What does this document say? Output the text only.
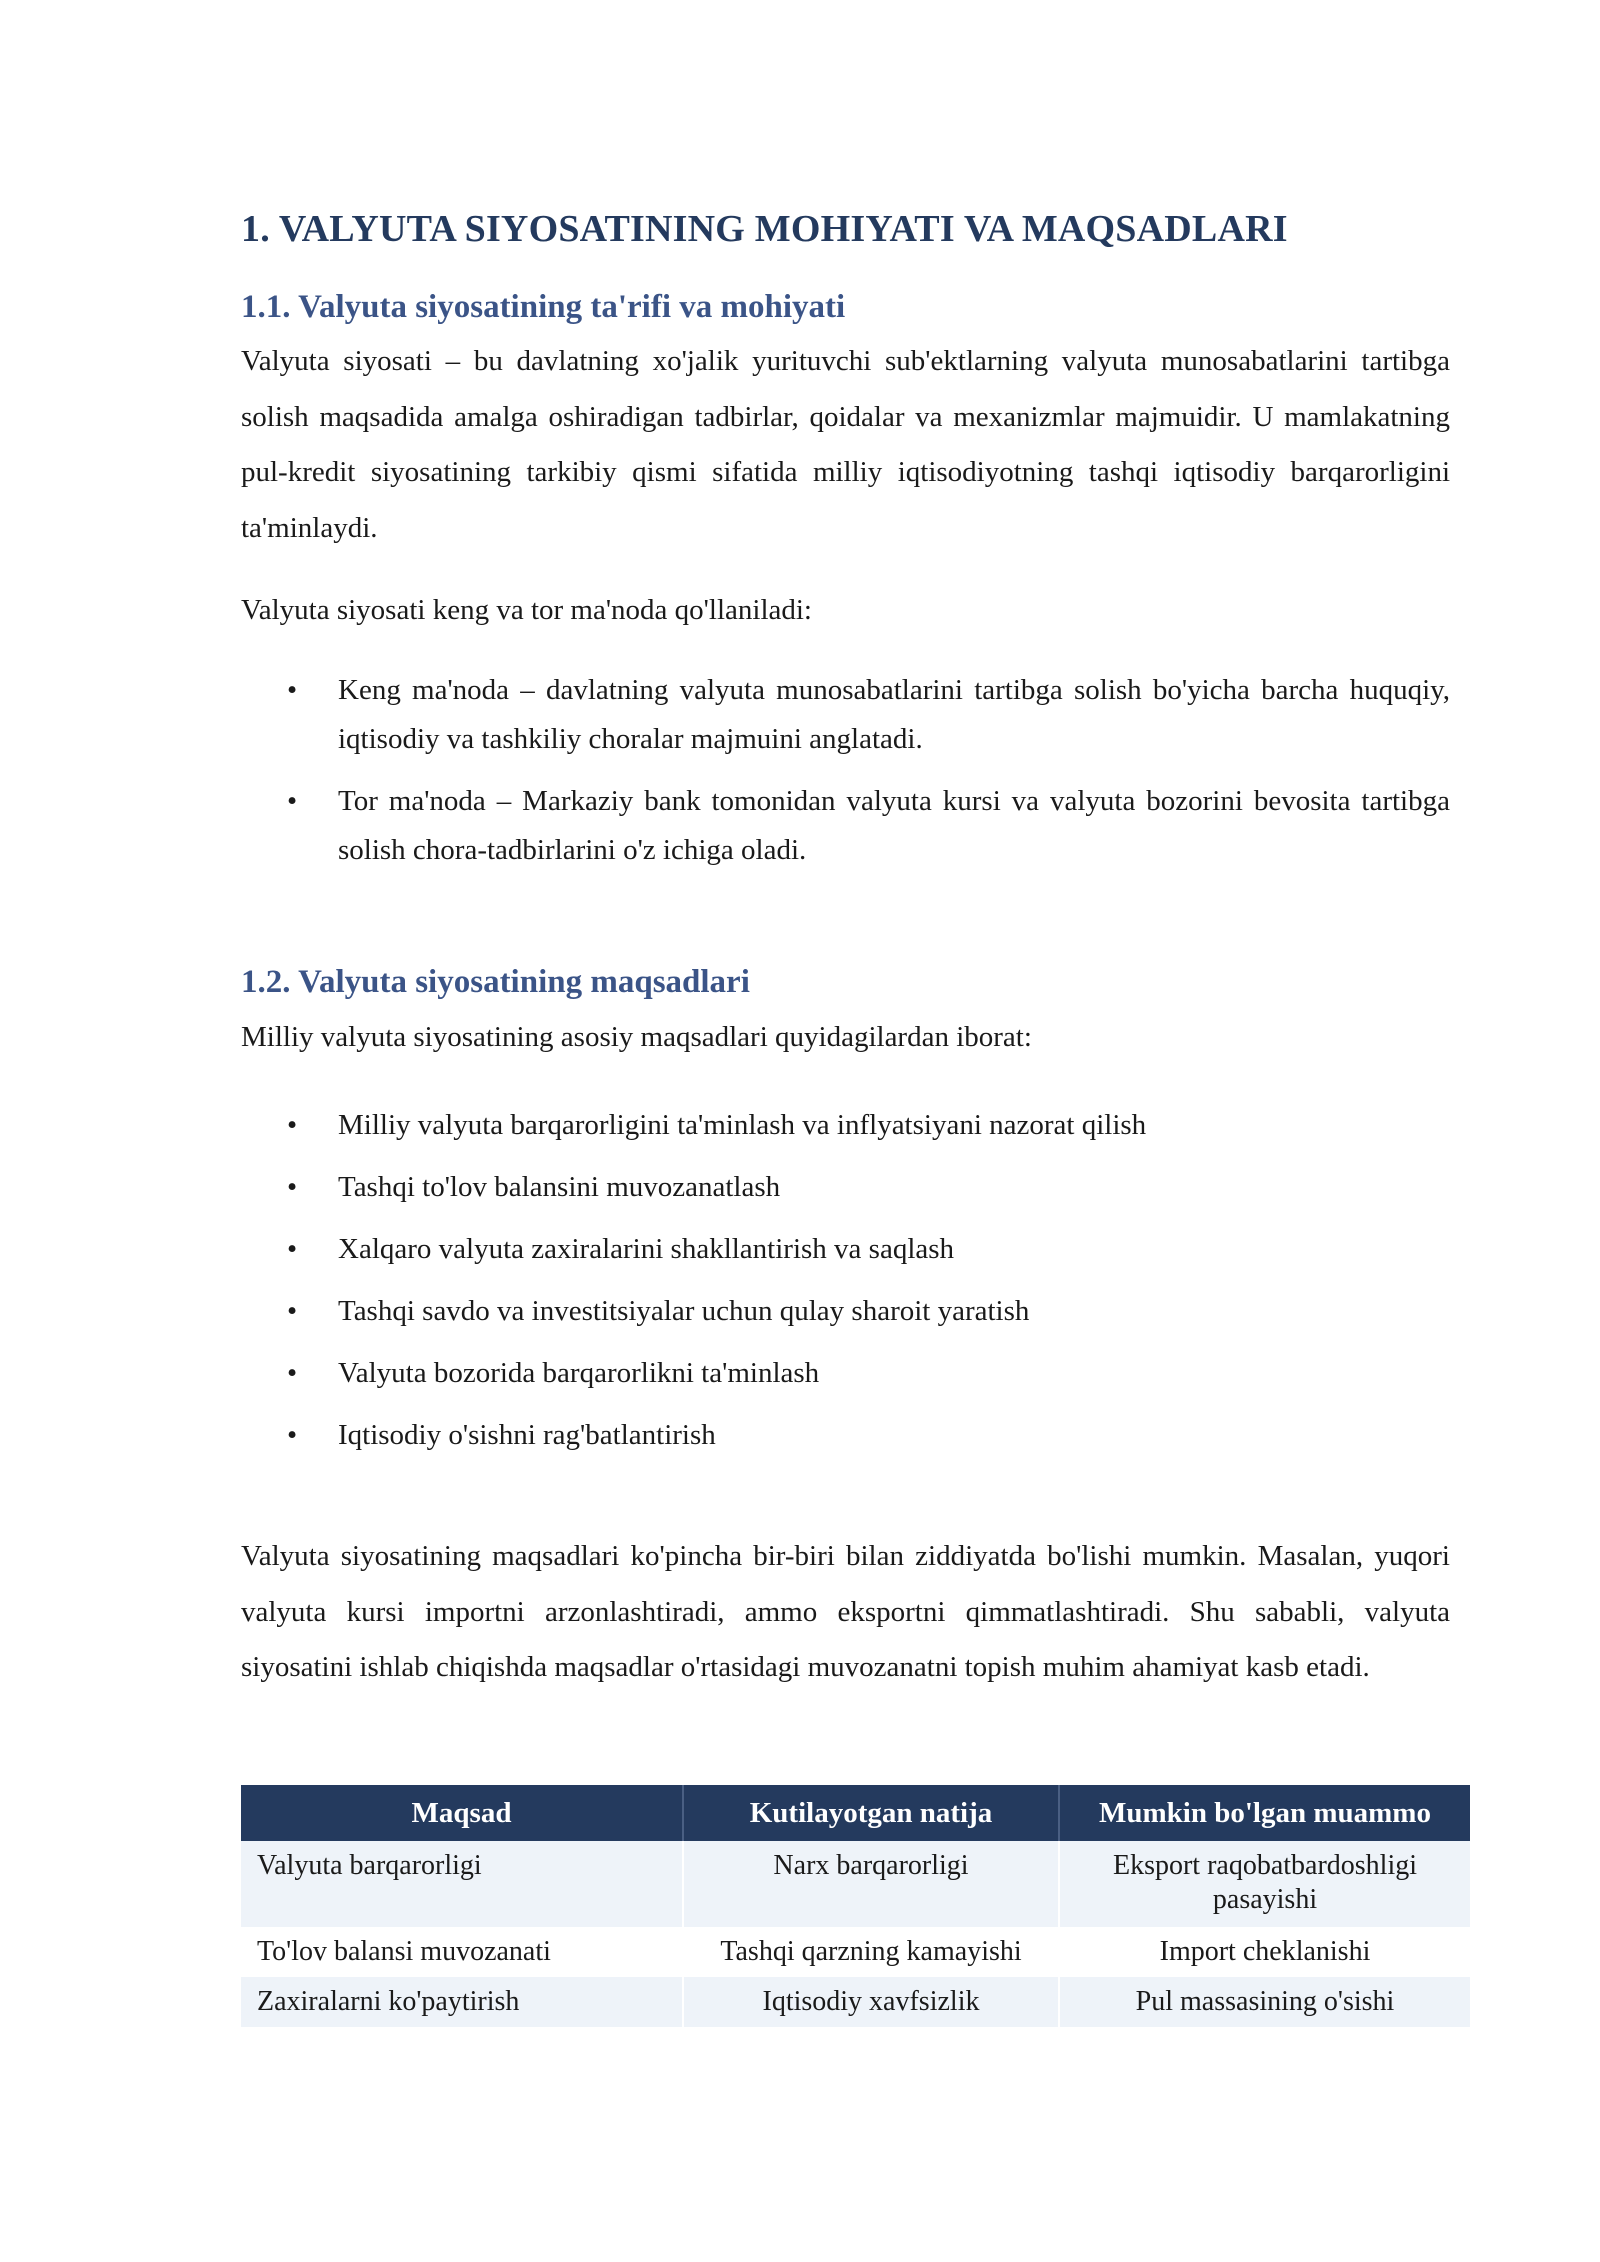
1. VALYUTA SIYOSATINING MOHIYATI VA MAQSADLARI
1.1. Valyuta siyosatining ta'rifi va mohiyati

Valyuta siyosati – bu davlatning xo'jalik yurituvchi sub'ektlarning valyuta munosabatlarini tartibga solish maqsadida amalga oshiradigan tadbirlar, qoidalar va mexanizmlar majmuidir. U mamlakatning pul-kredit siyosatining tarkibiy qismi sifatida milliy iqtisodiyotning tashqi iqtisodiy barqarorligini ta'minlaydi.

Valyuta siyosati keng va tor ma'noda qo'llaniladi:

• Keng ma'noda – davlatning valyuta munosabatlarini tartibga solish bo'yicha barcha huquqiy, iqtisodiy va tashkiliy choralar majmuini anglatadi.
• Tor ma'noda – Markaziy bank tomonidan valyuta kursi va valyuta bozorini bevosita tartibga solish chora-tadbirlarini o'z ichiga oladi.
1.2. Valyuta siyosatining maqsadlari

Milliy valyuta siyosatining asosiy maqsadlari quyidagilardan iborat:

• Milliy valyuta barqarorligini ta'minlash va inflyatsiyani nazorat qilish
• Tashqi to'lov balansini muvozanatlash
• Xalqaro valyuta zaxiralarini shakllantirish va saqlash
• Tashqi savdo va investitsiyalar uchun qulay sharoit yaratish
• Valyuta bozorida barqarorlikni ta'minlash
• Iqtisodiy o'sishni rag'batlantirish

Valyuta siyosatining maqsadlari ko'pincha bir-biri bilan ziddiyatda bo'lishi mumkin. Masalan, yuqori valyuta kursi importni arzonlashtiradi, ammo eksportni qimmatlashtiradi. Shu sababli, valyuta siyosatini ishlab chiqishda maqsadlar o'rtasidagi muvozanatni topish muhim ahamiyat kasb etadi.

Maqsad	Kutilayotgan natija	Mumkin bo'lgan muammo
Valyuta barqarorligi	Narx barqarorligi	Eksport raqobatbardoshligi pasayishi
To'lov balansi muvozanati	Tashqi qarzning kamayishi	Import cheklanishi
Zaxiralarni ko'paytirish	Iqtisodiy xavfsizlik	Pul massasining o'sishi
